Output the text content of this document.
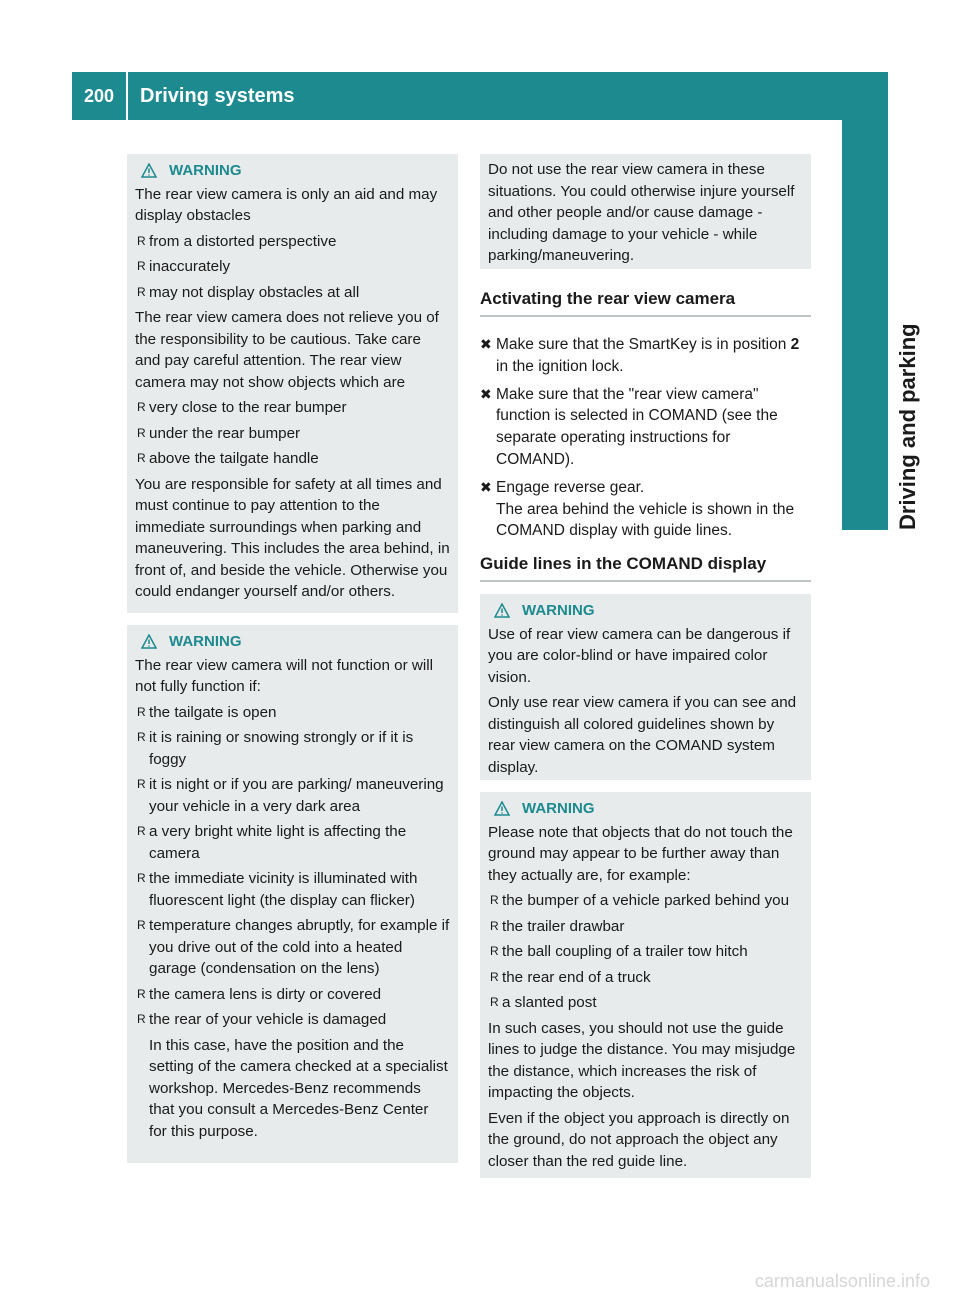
200	Driving systems
Driving and parking
WARNING

The rear view camera is only an aid and may display obstacles

R from a distorted perspective
R inaccurately
R may not display obstacles at all

The rear view camera does not relieve you of the responsibility to be cautious. Take care and pay careful attention. The rear view camera may not show objects which are

R very close to the rear bumper
R under the rear bumper
R above the tailgate handle

You are responsible for safety at all times and must continue to pay attention to the immediate surroundings when parking and maneuvering. This includes the area behind, in front of, and beside the vehicle. Otherwise you could endanger yourself and/or others.

WARNING

The rear view camera will not function or will not fully function if:

R the tailgate is open
R it is raining or snowing strongly or if it is foggy
R it is night or if you are parking/ maneuvering your vehicle in a very dark area
R a very bright white light is affecting the camera
R the immediate vicinity is illuminated with fluorescent light (the display can flicker)
R temperature changes abruptly, for example if you drive out of the cold into a heated garage (condensation on the lens)
R the camera lens is dirty or covered
R the rear of your vehicle is damaged

In this case, have the position and the setting of the camera checked at a specialist workshop. Mercedes-Benz recommends that you consult a Mercedes-Benz Center for this purpose.

Do not use the rear view camera in these situations. You could otherwise injure yourself and other people and/or cause damage - including damage to your vehicle - while parking/maneuvering.

Activating the rear view camera
✖ Make sure that the SmartKey is in position 2 in the ignition lock.
✖ Make sure that the "rear view camera" function is selected in COMAND (see the separate operating instructions for COMAND).
✖ Engage reverse gear.
The area behind the vehicle is shown in the COMAND display with guide lines.
Guide lines in the COMAND display
WARNING

Use of rear view camera can be dangerous if you are color-blind or have impaired color vision.

Only use rear view camera if you can see and distinguish all colored guidelines shown by rear view camera on the COMAND system display.

WARNING

Please note that objects that do not touch the ground may appear to be further away than they actually are, for example:

R the bumper of a vehicle parked behind you
R the trailer drawbar
R the ball coupling of a trailer tow hitch
R the rear end of a truck
R a slanted post

In such cases, you should not use the guide lines to judge the distance. You may misjudge the distance, which increases the risk of impacting the objects.

Even if the object you approach is directly on the ground, do not approach the object any closer than the red guide line.

carmanualsonline.info
